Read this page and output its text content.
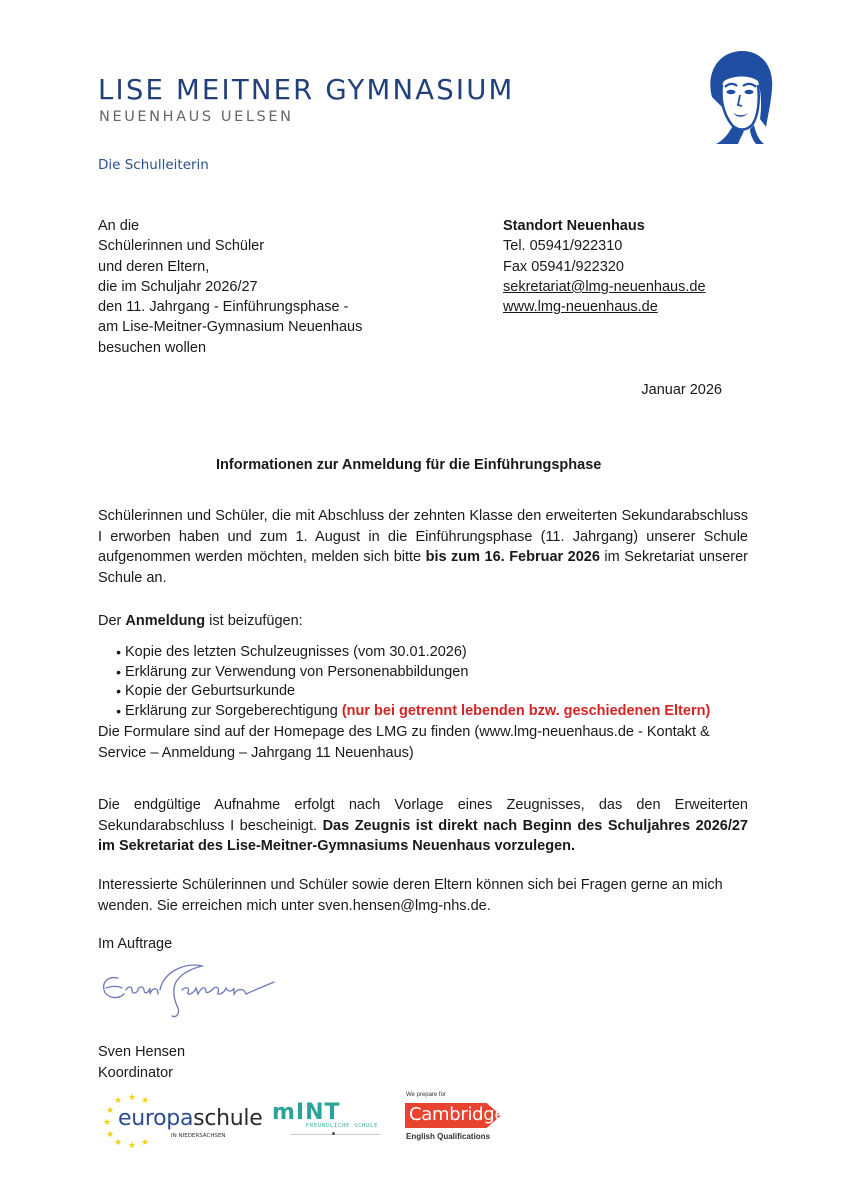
LISE MEITNER GYMNASIUM
NEUENHAUS UELSEN
Die Schulleiterin
An die
Schülerinnen und Schüler
und deren Eltern,
die im Schuljahr 2026/27
den 11. Jahrgang - Einführungsphase -
am Lise-Meitner-Gymnasium Neuenhaus
besuchen wollen
Standort Neuenhaus
Tel. 05941/922310
Fax 05941/922320
sekretariat@lmg-neuenhaus.de
www.lmg-neuenhaus.de
Januar 2026
Informationen zur Anmeldung für die Einführungsphase
Schülerinnen und Schüler, die mit Abschluss der zehnten Klasse den erweiterten Sekundarabschluss I erworben haben und zum 1. August in die Einführungsphase (11. Jahrgang) unserer Schule aufgenommen werden möchten, melden sich bitte bis zum 16. Februar 2026 im Sekretariat unserer Schule an.
Der Anmeldung ist beizufügen:
• Kopie des letzten Schulzeugnisses (vom 30.01.2026)
• Erklärung zur Verwendung von Personenabbildungen
• Kopie der Geburtsurkunde
• Erklärung zur Sorgeberechtigung (nur bei getrennt lebenden bzw. geschiedenen Eltern)
Die Formulare sind auf der Homepage des LMG zu finden (www.lmg-neuenhaus.de - Kontakt & Service – Anmeldung – Jahrgang 11 Neuenhaus)
Die endgültige Aufnahme erfolgt nach Vorlage eines Zeugnisses, das den Erweiterten Sekundarabschluss I bescheinigt. Das Zeugnis ist direkt nach Beginn des Schuljahres 2026/27 im Sekretariat des Lise-Meitner-Gymnasiums Neuenhaus vorzulegen.
Interessierte Schülerinnen und Schüler sowie deren Eltern können sich bei Fragen gerne an mich wenden. Sie erreichen mich unter sven.hensen@lmg-nhs.de.
Im Auftrage
Sven Hensen
Koordinator
★ ★ ★
★
★
★
★ ★ ★
europaschule
IN NIEDERSACHSEN
mINT
FREUNDLICHE SCHULE
We prepare for
Cambridge
English Qualifications
